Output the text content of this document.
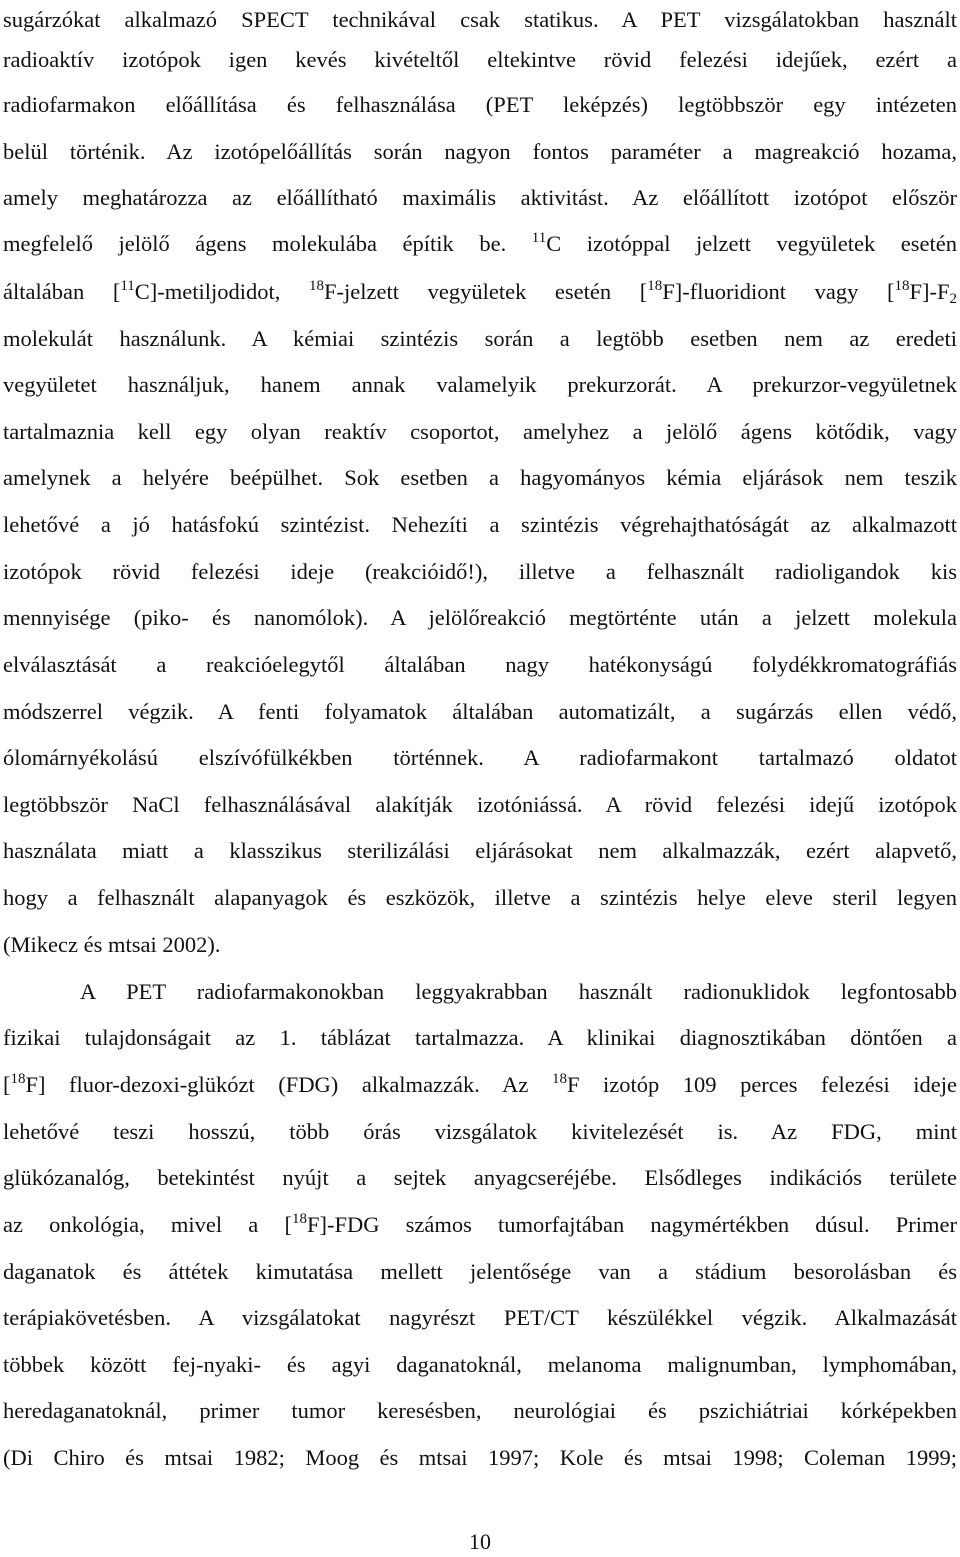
sugárzókat alkalmazó SPECT technikával csak statikus. A PET vizsgálatokban használt
radioaktív izotópok igen kevés kivételtől eltekintve rövid felezési idejűek, ezért a
radiofarmakon előállítása és felhasználása (PET leképzés) legtöbbször egy intézeten
belül történik. Az izotópelőállítás során nagyon fontos paraméter a magreakció hozama,
amely meghatározza az előállítható maximális aktivitást. Az előállított izotópot először
megfelelő jelölő ágens molekulába építik be. $^{11}$C izotóppal jelzett vegyületek esetén
általában [$^{11}$C]-metiljodidot, $^{18}$F-jelzett vegyületek esetén [$^{18}$F]-fluoridiont vagy $[^{18}F]-F_2$
molekulát használunk. A kémiai szintézis során a legtöbb esetben nem az eredeti
vegyületet használjuk, hanem annak valamelyik prekurzorát. A prekurzor-vegyületnek
tartalmaznia kell egy olyan reaktív csoportot, amelyhez a jelölő ágens kötődik, vagy
amelynek a helyére beépülhet. Sok esetben a hagyományos kémia eljárások nem teszik
lehetővé a jó hatásfokú szintézist. Nehezíti a szintézis végrehajthatóságát az alkalmazott
izotópok rövid felezési ideje (reakcióidő!), illetve a felhasznált radioligandok kis
mennyisége (piko- és nanomólok). A jelölőreakció megtörténte után a jelzett molekula
elválasztását a reakcióelegytől általában nagy hatékonyságú folydékkromatográfiás
módszerrel végzik. A fenti folyamatok általában automatizált, a sugárzás ellen védő,
ólomárnyékolású elszívófülkékben történnek. A radiofarmakont tartalmazó oldatot
legtöbbször NaCl felhasználásával alakítják izotóniássá. A rövid felezési idejű izotópok
használata miatt a klasszikus sterilizálási eljárásokat nem alkalmazzák, ezért alapvető,
hogy a felhasznált alapanyagok és eszközök, illetve a szintézis helye eleve steril legyen
(Mikecz és mtsai 2002).
A PET radiofarmakonokban leggyakrabban használt radionuklidok legfontosabb
fizikai tulajdonságait az 1. táblázat tartalmazza. A klinikai diagnosztikában döntően a
[$^{18}$F] fluor-dezoxi-glükózt (FDG) alkalmazzák. Az $^{18}$F izotóp 109 perces felezési ideje
lehetővé teszi hosszú, több órás vizsgálatok kivitelezését is. Az FDG, mint
glükózanalóg, betekintést nyújt a sejtek anyagcseréjébe. Elsődleges indikációs területe
az onkológia, mivel a [$^{18}$F]-FDG számos tumorfajtában nagymértékben dúsul. Primer
daganatok és áttétek kimutatása mellett jelentősége van a stádium besorolásban és
terápiakövetésben. A vizsgálatokat nagyrészt PET/CT készülékkel végzik. Alkalmazását
többek között fej-nyaki- és agyi daganatoknál, melanoma malignumban, lymphomában,
heredaganatoknál, primer tumor keresésben, neurológiai és pszichiátriai kórképekben
(Di Chiro és mtsai 1982; Moog és mtsai 1997; Kole és mtsai 1998; Coleman 1999;
10
